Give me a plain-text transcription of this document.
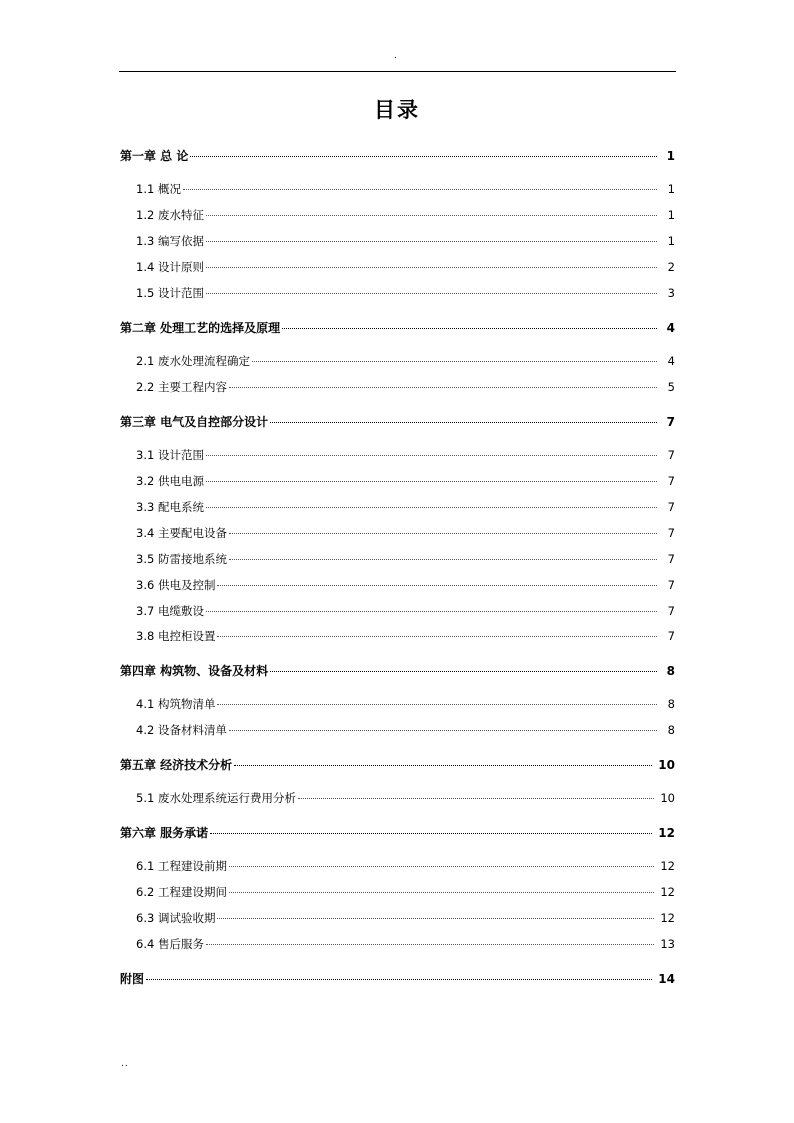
.
目录
第一章 总 论	1
1.1 概况	1
1.2 废水特征	1
1.3 编写依据	1
1.4 设计原则	2
1.5 设计范围	3
第二章 处理工艺的选择及原理	4
2.1 废水处理流程确定	4
2.2 主要工程内容	5
第三章 电气及自控部分设计	7
3.1 设计范围	7
3.2 供电电源	7
3.3 配电系统	7
3.4 主要配电设备	7
3.5 防雷接地系统	7
3.6 供电及控制	7
3.7 电缆敷设	7
3.8 电控柜设置	7
第四章 构筑物、设备及材料	8
4.1 构筑物清单	8
4.2 设备材料清单	8
第五章 经济技术分析	10
5.1 废水处理系统运行费用分析	10
第六章 服务承诺	12
6.1 工程建设前期	12
6.2 工程建设期间	12
6.3 调试验收期	12
6.4 售后服务	13
附图	14
..
